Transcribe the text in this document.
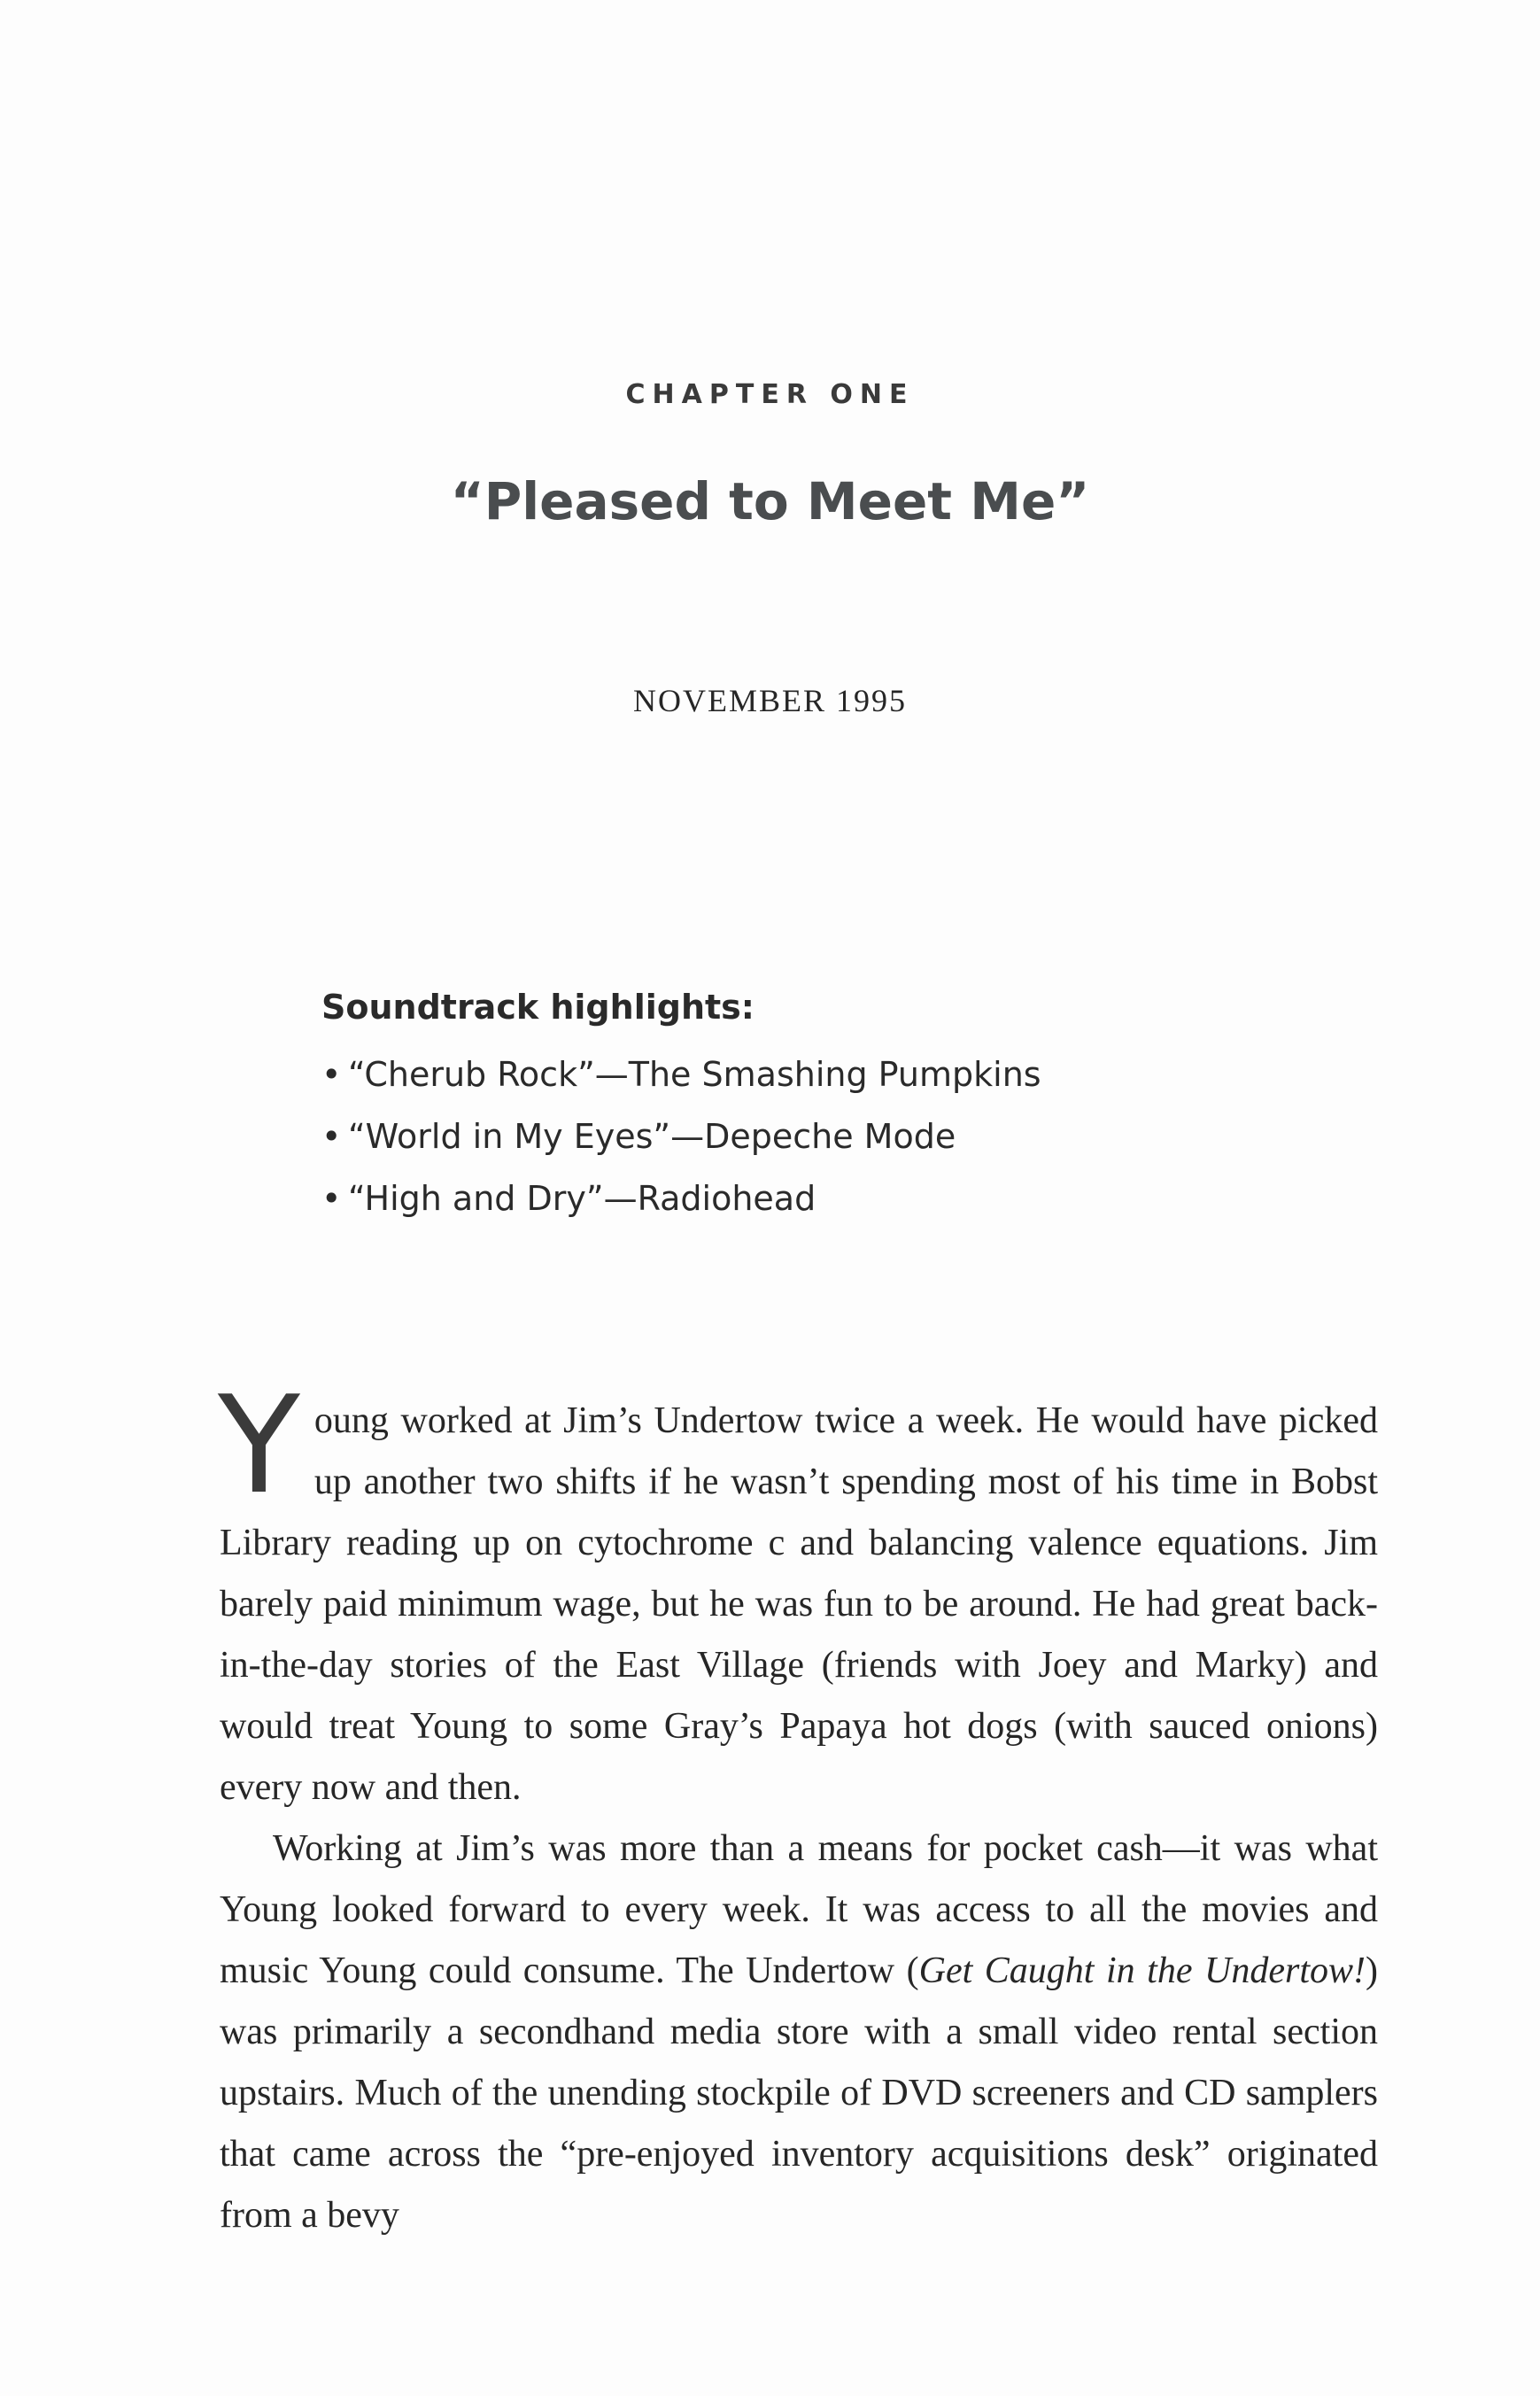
CHAPTER ONE
“Pleased to Meet Me”
NOVEMBER 1995
Soundtrack highlights:
• “Cherub Rock”—The Smashing Pumpkins
• “World in My Eyes”—Depeche Mode
• “High and Dry”—Radiohead

Young worked at Jim’s Undertow twice a week. He would have picked up another two shifts if he wasn’t spending most of his time in Bobst Library reading up on cytochrome c and balancing valence equations. Jim barely paid minimum wage, but he was fun to be around. He had great back-in-the-day stories of the East Village (friends with Joey and Marky) and would treat Young to some Gray’s Papaya hot dogs (with sauced onions) every now and then.

Working at Jim’s was more than a means for pocket cash—it was what Young looked forward to every week. It was access to all the movies and music Young could consume. The Undertow (Get Caught in the Undertow!) was primarily a secondhand media store with a small video rental section upstairs. Much of the unending stockpile of DVD screeners and CD samplers that came across the “pre-enjoyed inventory acquisitions desk” originated from a bevy
